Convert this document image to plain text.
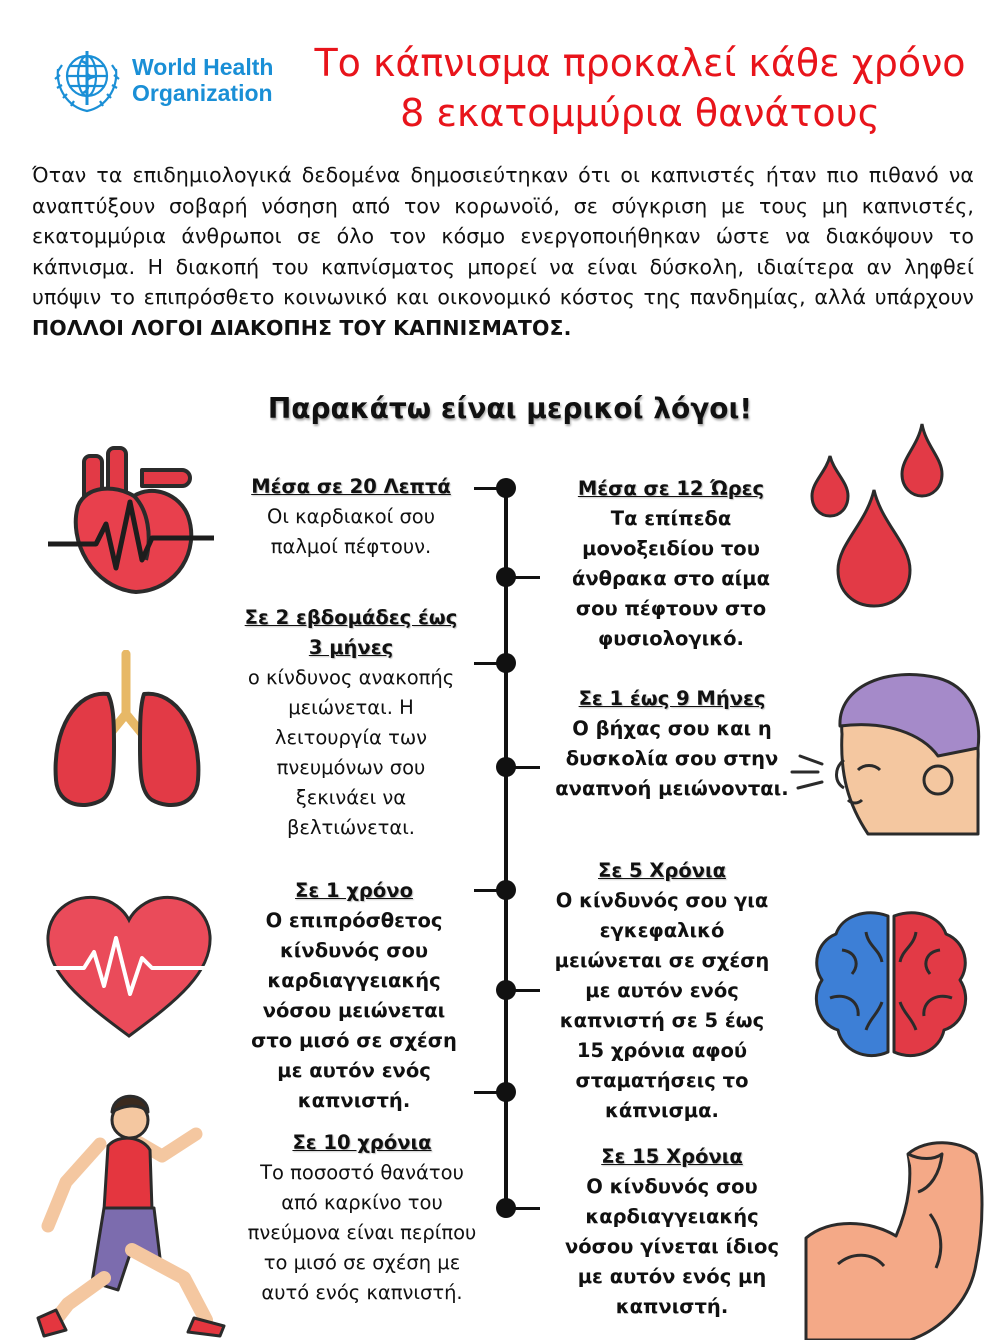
World Health
Organization
Το κάπνισμα προκαλεί κάθε χρόνο
8 εκατομμύρια θανάτους
Όταν τα επιδημιολογικά δεδομένα δημοσιεύτηκαν ότι οι καπνιστές ήταν πιο πιθανό να αναπτύξουν σοβαρή νόσηση από τον κορωνοϊό, σε σύγκριση με τους μη καπνιστές, εκατομμύρια άνθρωποι σε όλο τον κόσμο ενεργοποιήθηκαν ώστε να διακόψουν το κάπνισμα. Η διακοπή του καπνίσματος μπορεί να είναι δύσκολη, ιδιαίτερα αν ληφθεί υπόψιν το επιπρόσθετο κοινωνικό και οικονομικό κόστος της πανδημίας, αλλά υπάρχουν ΠΟΛΛΟΙ ΛΟΓΟΙ ΔΙΑΚΟΠΗΣ ΤΟΥ ΚΑΠΝΙΣΜΑΤΟΣ.
Παρακάτω είναι μερικοί λόγοι!
Μέσα σε 20 Λεπτά
Οι καρδιακοί σου παλμοί πέφτουν.
Σε 2 εβδομάδες έως 3 μήνες
ο κίνδυνος ανακοπής μειώνεται. Η λειτουργία των πνευμόνων σου ξεκινάει να βελτιώνεται.
Σε 1 χρόνο
Ο επιπρόσθετος κίνδυνός σου καρδιαγγειακής νόσου μειώνεται στο μισό σε σχέση με αυτόν ενός καπνιστή.
Σε 10 χρόνια
Το ποσοστό θανάτου από καρκίνο του πνεύμονα είναι περίπου το μισό σε σχέση με αυτό ενός καπνιστή.
Μέσα σε 12 Ώρες
Τα επίπεδα μονοξειδίου του άνθρακα στο αίμα σου πέφτουν στο φυσιολογικό.
Σε 1 έως 9 Μήνες
Ο βήχας σου και η δυσκολία σου στην αναπνοή μειώνονται.
Σε 5 Χρόνια
Ο κίνδυνός σου για εγκεφαλικό μειώνεται σε σχέση με αυτόν ενός καπνιστή σε 5 έως 15 χρόνια αφού σταματήσεις το κάπνισμα.
Σε 15 Χρόνια
Ο κίνδυνός σου καρδιαγγειακής νόσου γίνεται ίδιος με αυτόν ενός μη καπνιστή.
